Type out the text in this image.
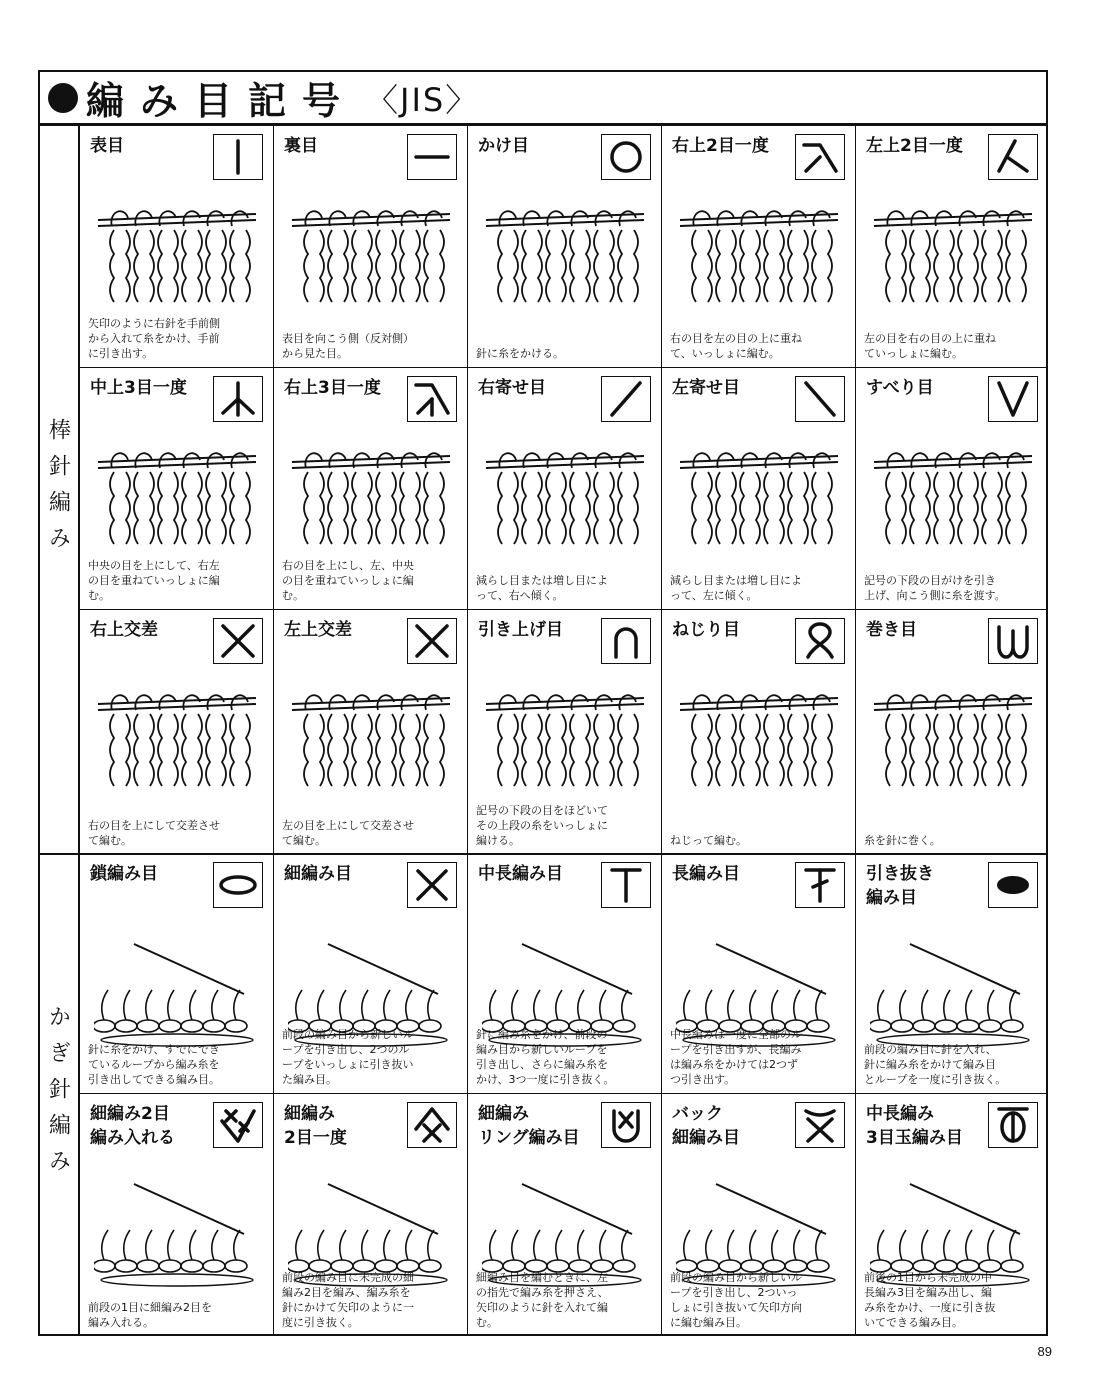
編み目記号 〈JIS〉
棒針編み
かぎ針編み
表目
矢印のように右針を手前側
から入れて糸をかけ、手前
に引き出す。
裏目
表目を向こう側（反対側）
から見た目。
かけ目
針に糸をかける。
右上2目一度
右の目を左の目の上に重ね
て、いっしょに編む。
左上2目一度
左の目を右の目の上に重ね
ていっしょに編む。
中上3目一度
中央の目を上にして、右左
の目を重ねていっしょに編
む。
右上3目一度
右の目を上にし、左、中央
の目を重ねていっしょに編
む。
右寄せ目
減らし目または増し目によ
って、右へ傾く。
左寄せ目
減らし目または増し目によ
って、左に傾く。
すべり目
記号の下段の目がけを引き
上げ、向こう側に糸を渡す。
右上交差
右の目を上にして交差させ
て編む。
左上交差
左の目を上にして交差させ
て編む。
引き上げ目
記号の下段の目をほどいて
その上段の糸をいっしょに
編ける。
ねじり目
ねじって編む。
巻き目
糸を針に巻く。
鎖編み目
針に糸をかけ、すでにでき
ているループから編み糸を
引き出してできる編み目。
細編み目
前段の編み目から新しいル
ープを引き出し、2つのル
ープをいっしょに引き抜い
た編み目。
中長編み目
針に編み糸をかけ、前段の
編み目から新しいループを
引き出し、さらに編み糸を
かけ、3つ一度に引き抜く。
長編み目
中長編みは一度に全部のル
ープを引き出すが、長編み
は編み糸をかけては2つず
つ引き出す。
引き抜き
編み目
前段の編み目に針を入れ、
針に編み糸をかけて編み目
とループを一度に引き抜く。
細編み2目
編み入れる
前段の1目に細編み2目を
編み入れる。
細編み
2目一度
前段の編み目に未完成の細
編み2目を編み、編み糸を
針にかけて矢印のように一
度に引き抜く。
細編み
リング編み目
細編み目を編むときに、左
の指先で編み糸を押さえ、
矢印のように針を入れて編
む。
バック
細編み目
前段の編み目から新しいル
ープを引き出し、2ついっ
しょに引き抜いて矢印方向
に編む編み目。
中長編み
3目玉編み目
前後の1目から未完成の中
長編み3目を編み出し、編
み糸をかけ、一度に引き抜
いてできる編み目。
89
